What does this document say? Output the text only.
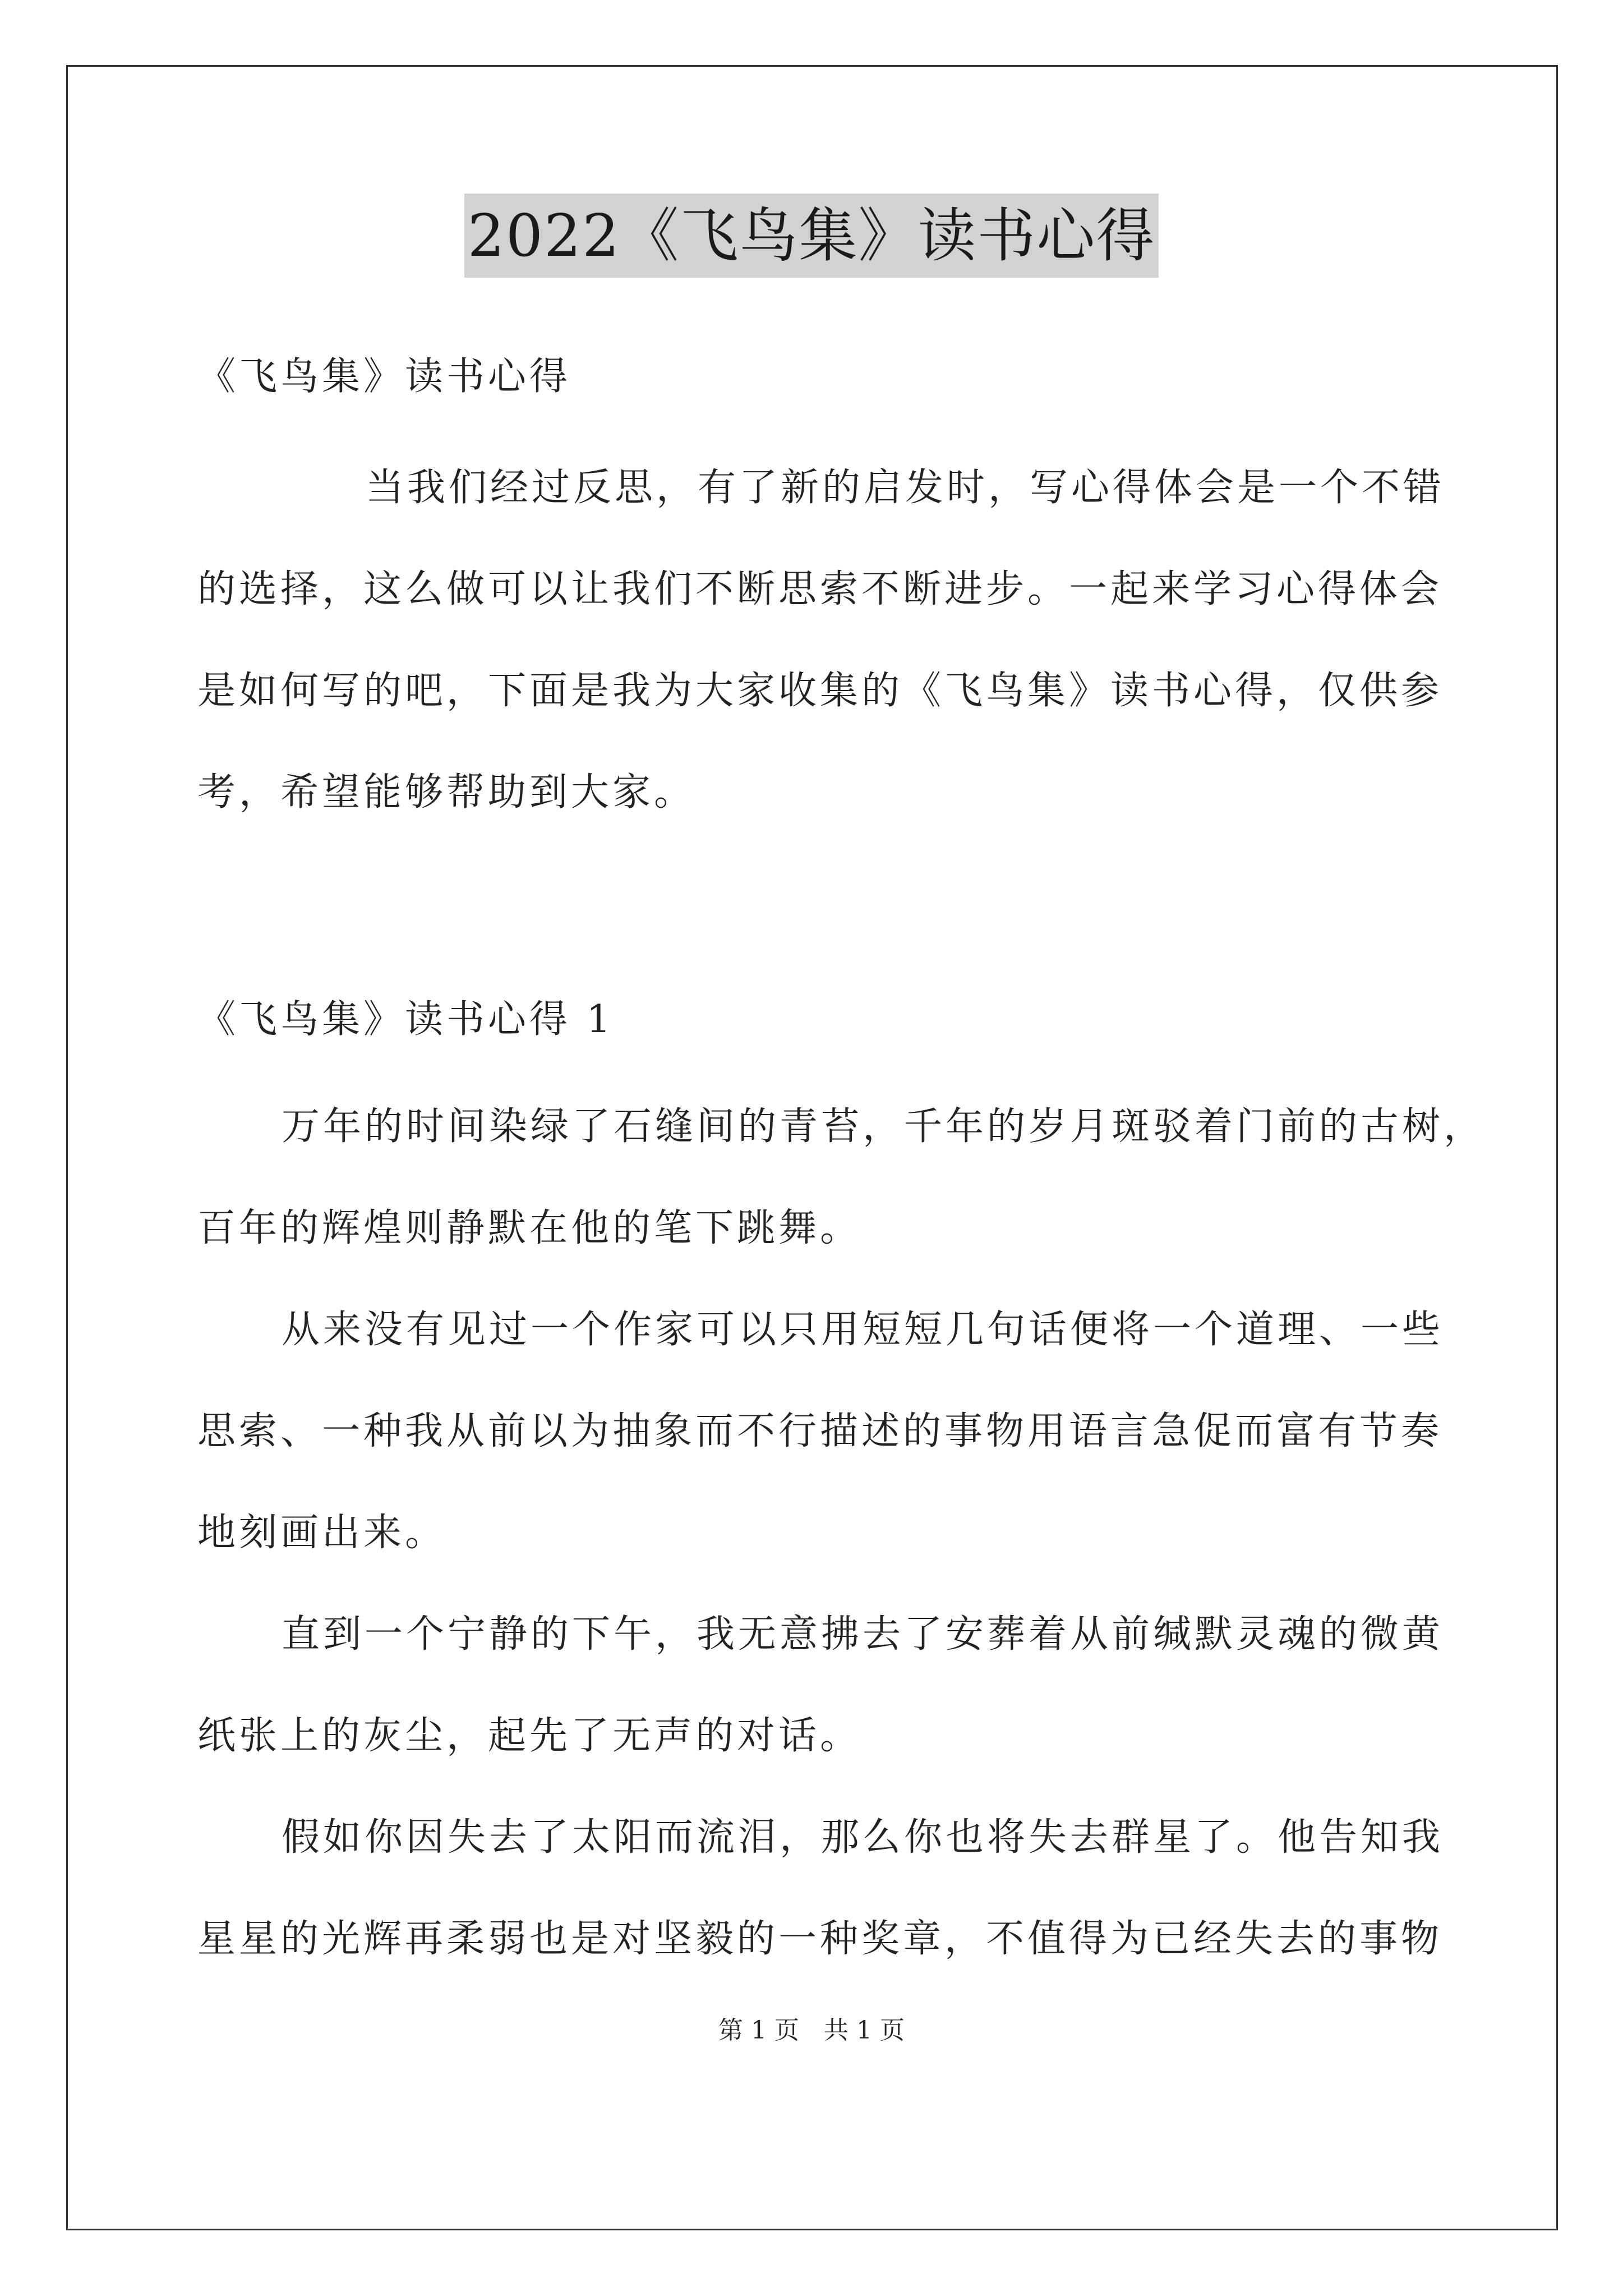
2022《飞鸟集》读书心得
《飞鸟集》读书心得
当我们经过反思，有了新的启发时，写心得体会是一个不错
的选择，这么做可以让我们不断思索不断进步。一起来学习心得体会
是如何写的吧，下面是我为大家收集的《飞鸟集》读书心得，仅供参
考，希望能够帮助到大家。
《飞鸟集》读书心得 1
万年的时间染绿了石缝间的青苔，千年的岁月斑驳着门前的古树，
百年的辉煌则静默在他的笔下跳舞。
从来没有见过一个作家可以只用短短几句话便将一个道理、一些
思索、一种我从前以为抽象而不行描述的事物用语言急促而富有节奏
地刻画出来。
直到一个宁静的下午，我无意拂去了安葬着从前缄默灵魂的微黄
纸张上的灰尘，起先了无声的对话。
假如你因失去了太阳而流泪，那么你也将失去群星了。他告知我
星星的光辉再柔弱也是对坚毅的一种奖章，不值得为已经失去的事物
第 1 页　共 1 页
